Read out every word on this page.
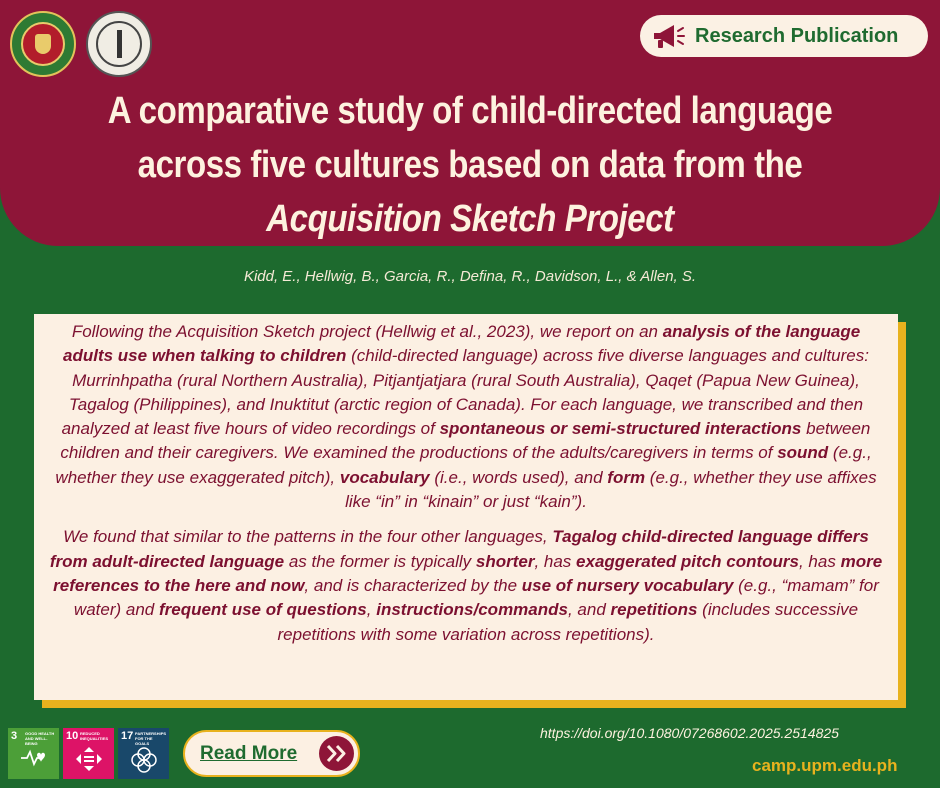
Research Publication
A comparative study of child-directed language
across five cultures based on data from the
Acquisition Sketch Project
Kidd, E., Hellwig, B., Garcia, R., Defina, R., Davidson, L., & Allen, S.

Following the Acquisition Sketch project (Hellwig et al., 2023), we report on an analysis of the language adults use when talking to children (child-directed language) across five diverse languages and cultures: Murrinhpatha (rural Northern Australia), Pitjantjatjara (rural South Australia), Qaqet (Papua New Guinea), Tagalog (Philippines), and Inuktitut (arctic region of Canada). For each language, we transcribed and then analyzed at least five hours of video recordings of spontaneous or semi-structured interactions between children and their caregivers. We examined the productions of the adults/caregivers in terms of sound (e.g., whether they use exaggerated pitch), vocabulary (i.e., words used), and form (e.g., whether they use affixes like “in” in “kinain” or just “kain”).

We found that similar to the patterns in the four other languages, Tagalog child-directed language differs from adult-directed language as the former is typically shorter, has exaggerated pitch contours, has more references to the here and now, and is characterized by the use of nursery vocabulary (e.g., “mamam” for water) and frequent use of questions, instructions/commands, and repetitions (includes successive repetitions with some variation across repetitions).

3 GOOD HEALTH AND WELL-BEING
10 REDUCED INEQUALITIES	17 PARTNERSHIPS FOR THE GOALS	Read More
https://doi.org/10.1080/07268602.2025.2514825
camp.upm.edu.ph
